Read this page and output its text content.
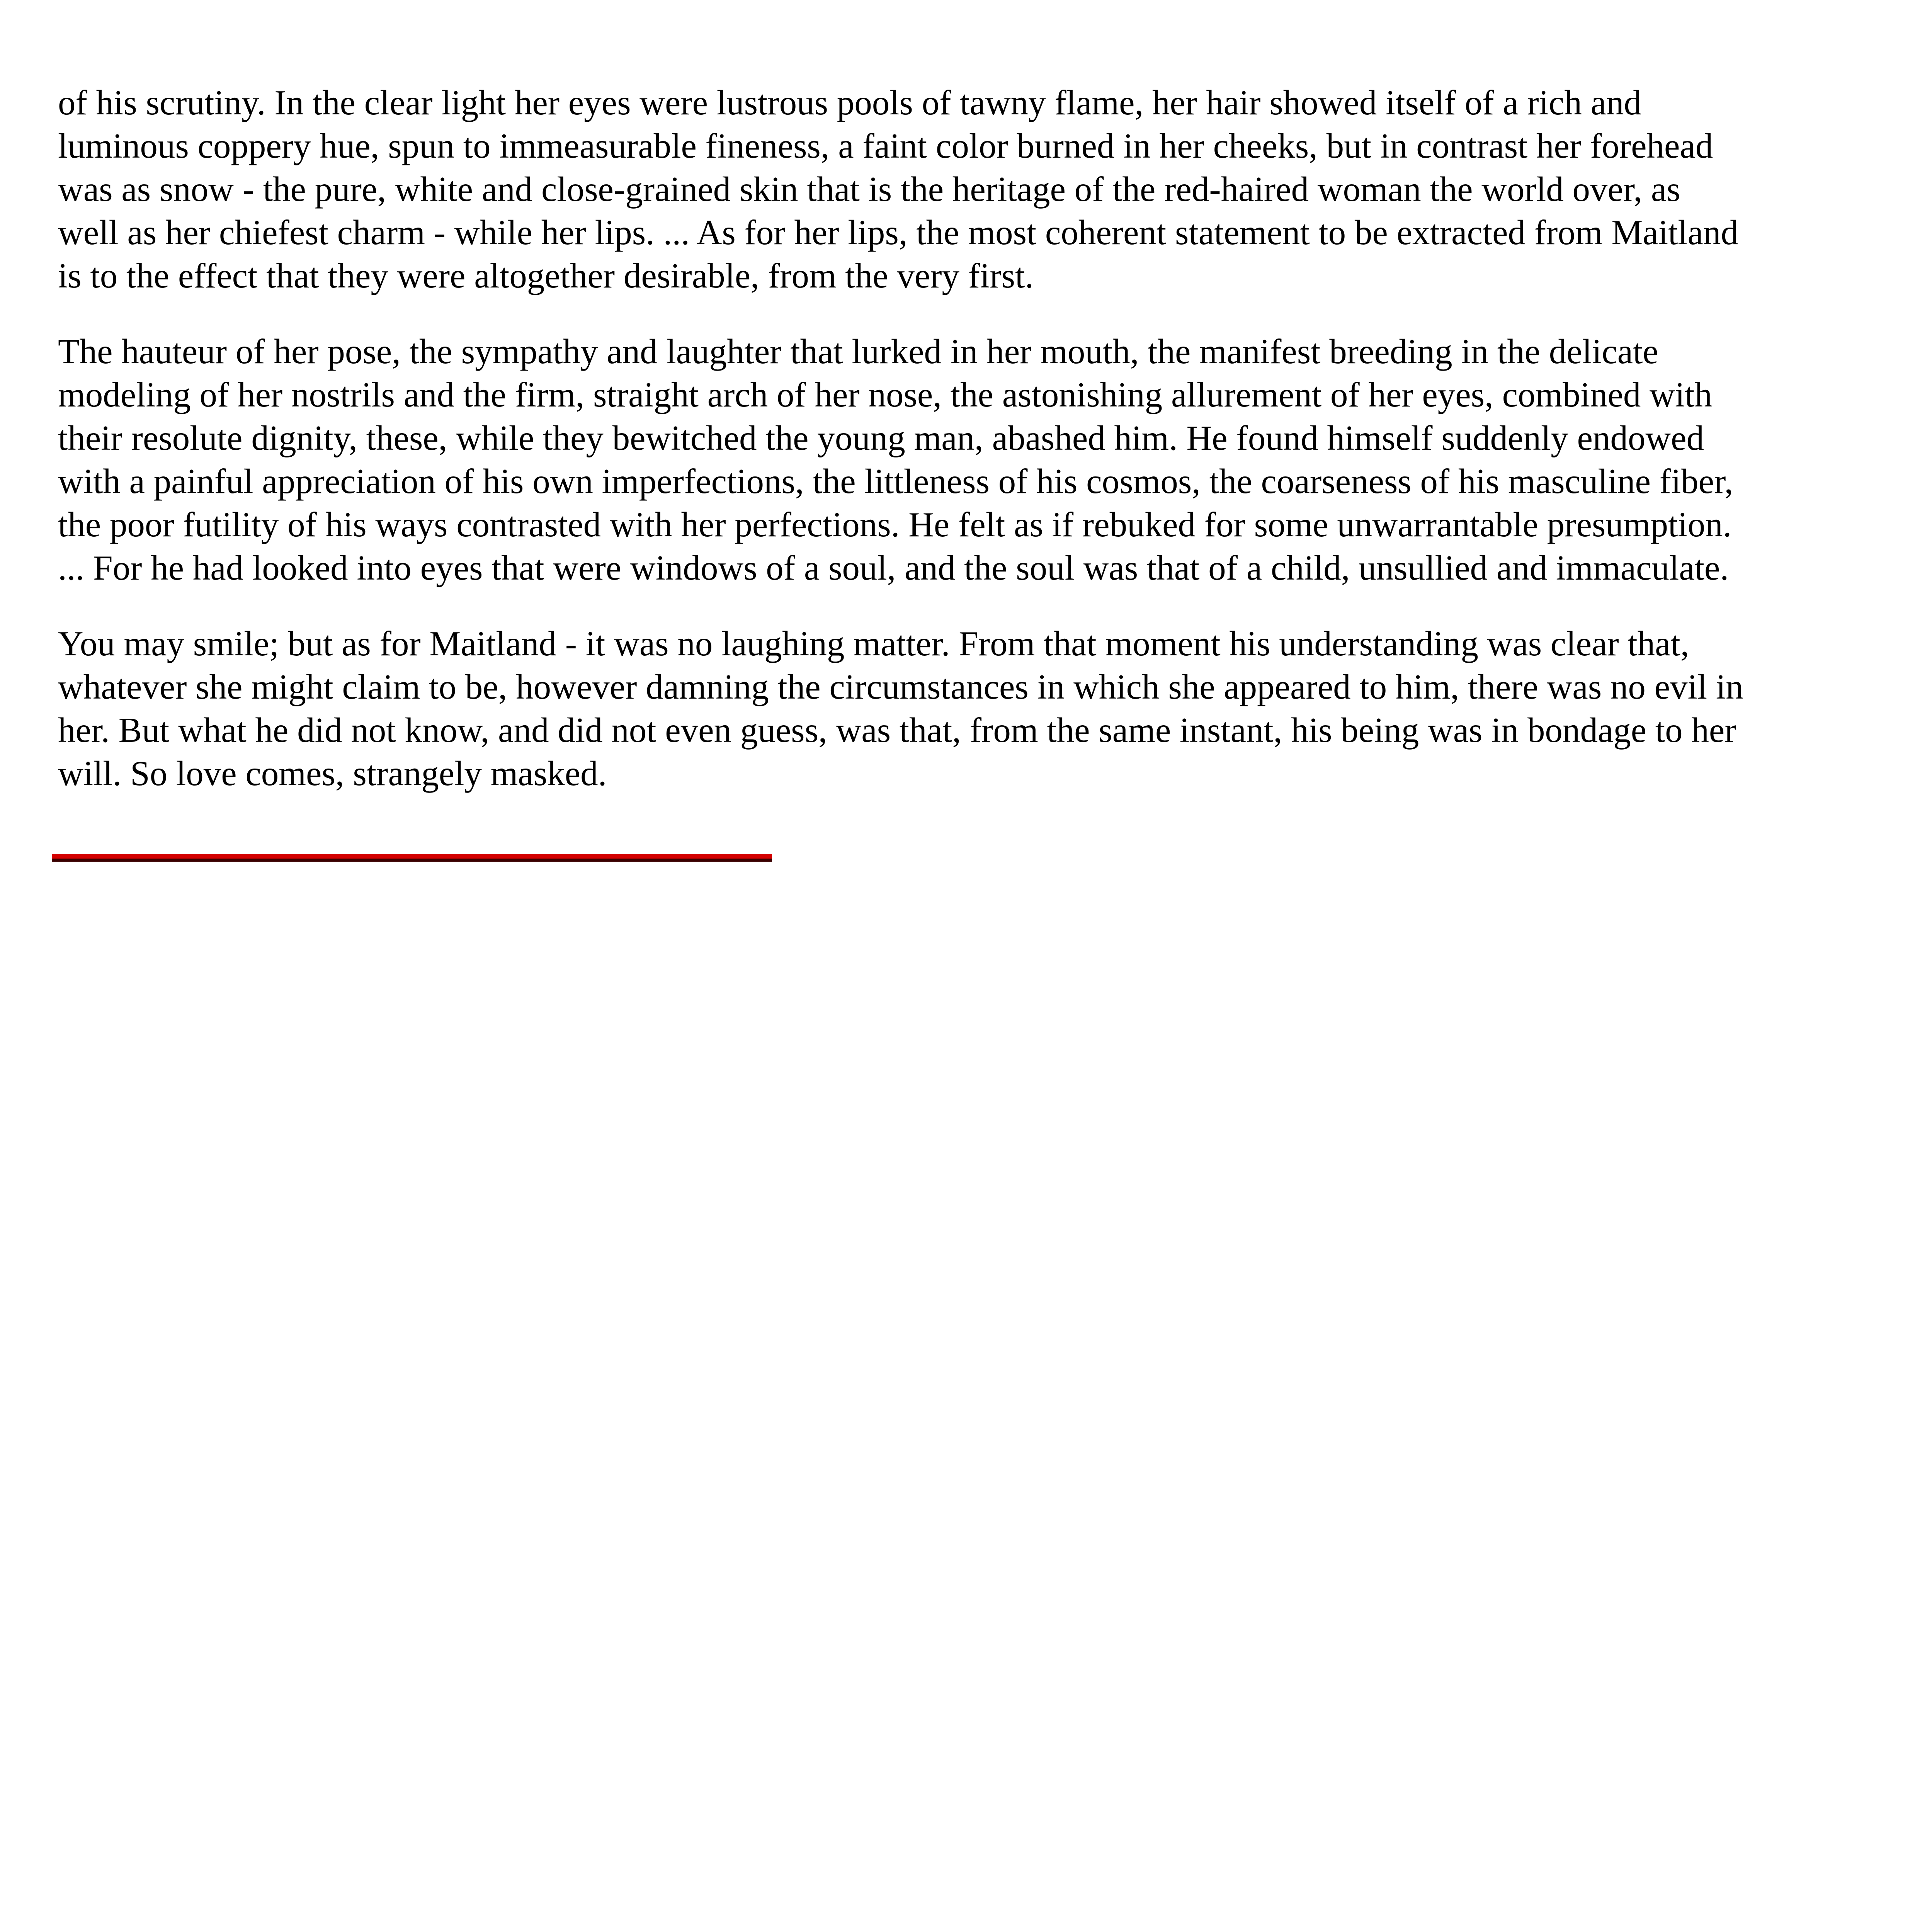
of his scrutiny. In the clear light her eyes were lustrous pools of tawny flame, her hair showed itself of a rich and
luminous coppery hue, spun to immeasurable fineness, a faint color burned in her cheeks, but in contrast her forehead
was as snow - the pure, white and close-grained skin that is the heritage of the red-haired woman the world over, as
well as her chiefest charm - while her lips. ... As for her lips, the most coherent statement to be extracted from Maitland
is to the effect that they were altogether desirable, from the very first.

The hauteur of her pose, the sympathy and laughter that lurked in her mouth, the manifest breeding in the delicate
modeling of her nostrils and the firm, straight arch of her nose, the astonishing allurement of her eyes, combined with
their resolute dignity, these, while they bewitched the young man, abashed him. He found himself suddenly endowed
with a painful appreciation of his own imperfections, the littleness of his cosmos, the coarseness of his masculine fiber,
the poor futility of his ways contrasted with her perfections. He felt as if rebuked for some unwarrantable presumption.
... For he had looked into eyes that were windows of a soul, and the soul was that of a child, unsullied and immaculate.

You may smile; but as for Maitland - it was no laughing matter. From that moment his understanding was clear that,
whatever she might claim to be, however damning the circumstances in which she appeared to him, there was no evil in
her. But what he did not know, and did not even guess, was that, from the same instant, his being was in bondage to her
will. So love comes, strangely masked.
